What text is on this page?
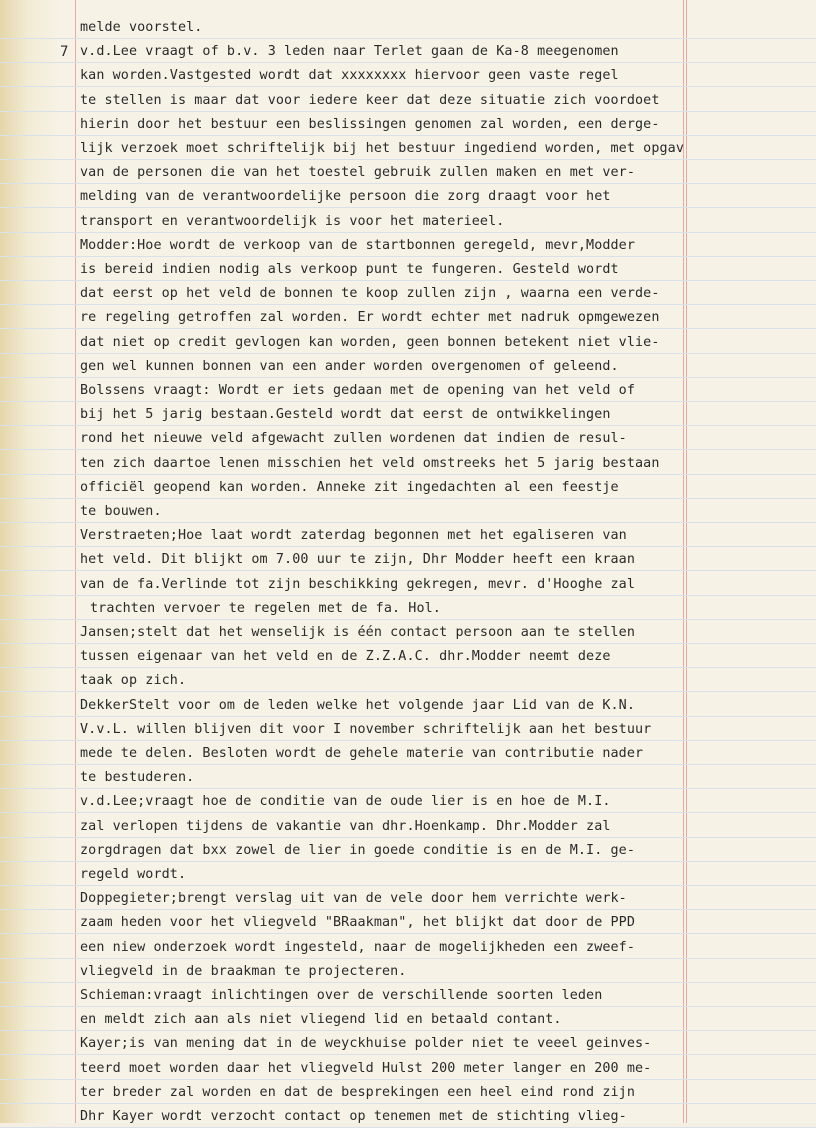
7
melde voorstel.
v.d.Lee vraagt of b.v. 3 leden naar Terlet gaan de Ka-8 meegenomen
kan worden.Vastgested wordt dat xxxxxxxx hiervoor geen vaste regel
te stellen is maar dat voor iedere keer dat deze situatie zich voordoet
hierin door het bestuur een beslissingen genomen zal worden, een derge-
lijk verzoek moet schriftelijk bij het bestuur ingediend worden, met opgav
van de personen die van het toestel gebruik zullen maken en met ver-
melding van de verantwoordelijke persoon die zorg draagt voor het
transport en verantwoordelijk is voor het materieel.
Modder:Hoe wordt de verkoop van de startbonnen geregeld, mevr,Modder
is bereid indien nodig als verkoop punt te fungeren. Gesteld wordt
dat eerst op het veld de bonnen te koop zullen zijn , waarna een verde-
re regeling getroffen zal worden. Er wordt echter met nadruk opmgewezen
dat niet op credit gevlogen kan worden, geen bonnen betekent niet vlie-
gen wel kunnen bonnen van een ander worden overgenomen of geleend.
Bolssens vraagt: Wordt er iets gedaan met de opening van het veld of
bij het 5 jarig bestaan.Gesteld wordt dat eerst de ontwikkelingen
rond het nieuwe veld afgewacht zullen wordenen dat indien de resul-
ten zich daartoe lenen misschien het veld omstreeks het 5 jarig bestaan
officiël geopend kan worden. Anneke zit ingedachten al een feestje
te bouwen.
Verstraeten;Hoe laat wordt zaterdag begonnen met het egaliseren van
het veld. Dit blijkt om 7.00 uur te zijn, Dhr Modder heeft een kraan
van de fa.Verlinde tot zijn beschikking gekregen, mevr. d'Hooghe zal
trachten vervoer te regelen met de fa. Hol.
Jansen;stelt dat het wenselijk is één contact persoon aan te stellen
tussen eigenaar van het veld en de Z.Z.A.C. dhr.Modder neemt deze
taak op zich.
DekkerStelt voor om de leden welke het volgende jaar Lid van de K.N.
V.v.L. willen blijven dit voor I november schriftelijk aan het bestuur
mede te delen. Besloten wordt de gehele materie van contributie nader
te bestuderen.
v.d.Lee;vraagt hoe de conditie van de oude lier is en hoe de M.I.
zal verlopen tijdens de vakantie van dhr.Hoenkamp. Dhr.Modder zal
zorgdragen dat bxx zowel de lier in goede conditie is en de M.I. ge-
regeld wordt.
Doppegieter;brengt verslag uit van de vele door hem verrichte werk-
zaam heden voor het vliegveld "BRaakman", het blijkt dat door de PPD
een niew onderzoek wordt ingesteld, naar de mogelijkheden een zweef-
vliegveld in de braakman te projecteren.
Schieman:vraagt inlichtingen over de verschillende soorten leden
en meldt zich aan als niet vliegend lid en betaald contant.
Kayer;is van mening dat in de weyckhuise polder niet te veeel geinves-
teerd moet worden daar het vliegveld Hulst 200 meter langer en 200 me-
ter breder zal worden en dat de besprekingen een heel eind rond zijn
Dhr Kayer wordt verzocht contact op tenemen met de stichting vlieg-
